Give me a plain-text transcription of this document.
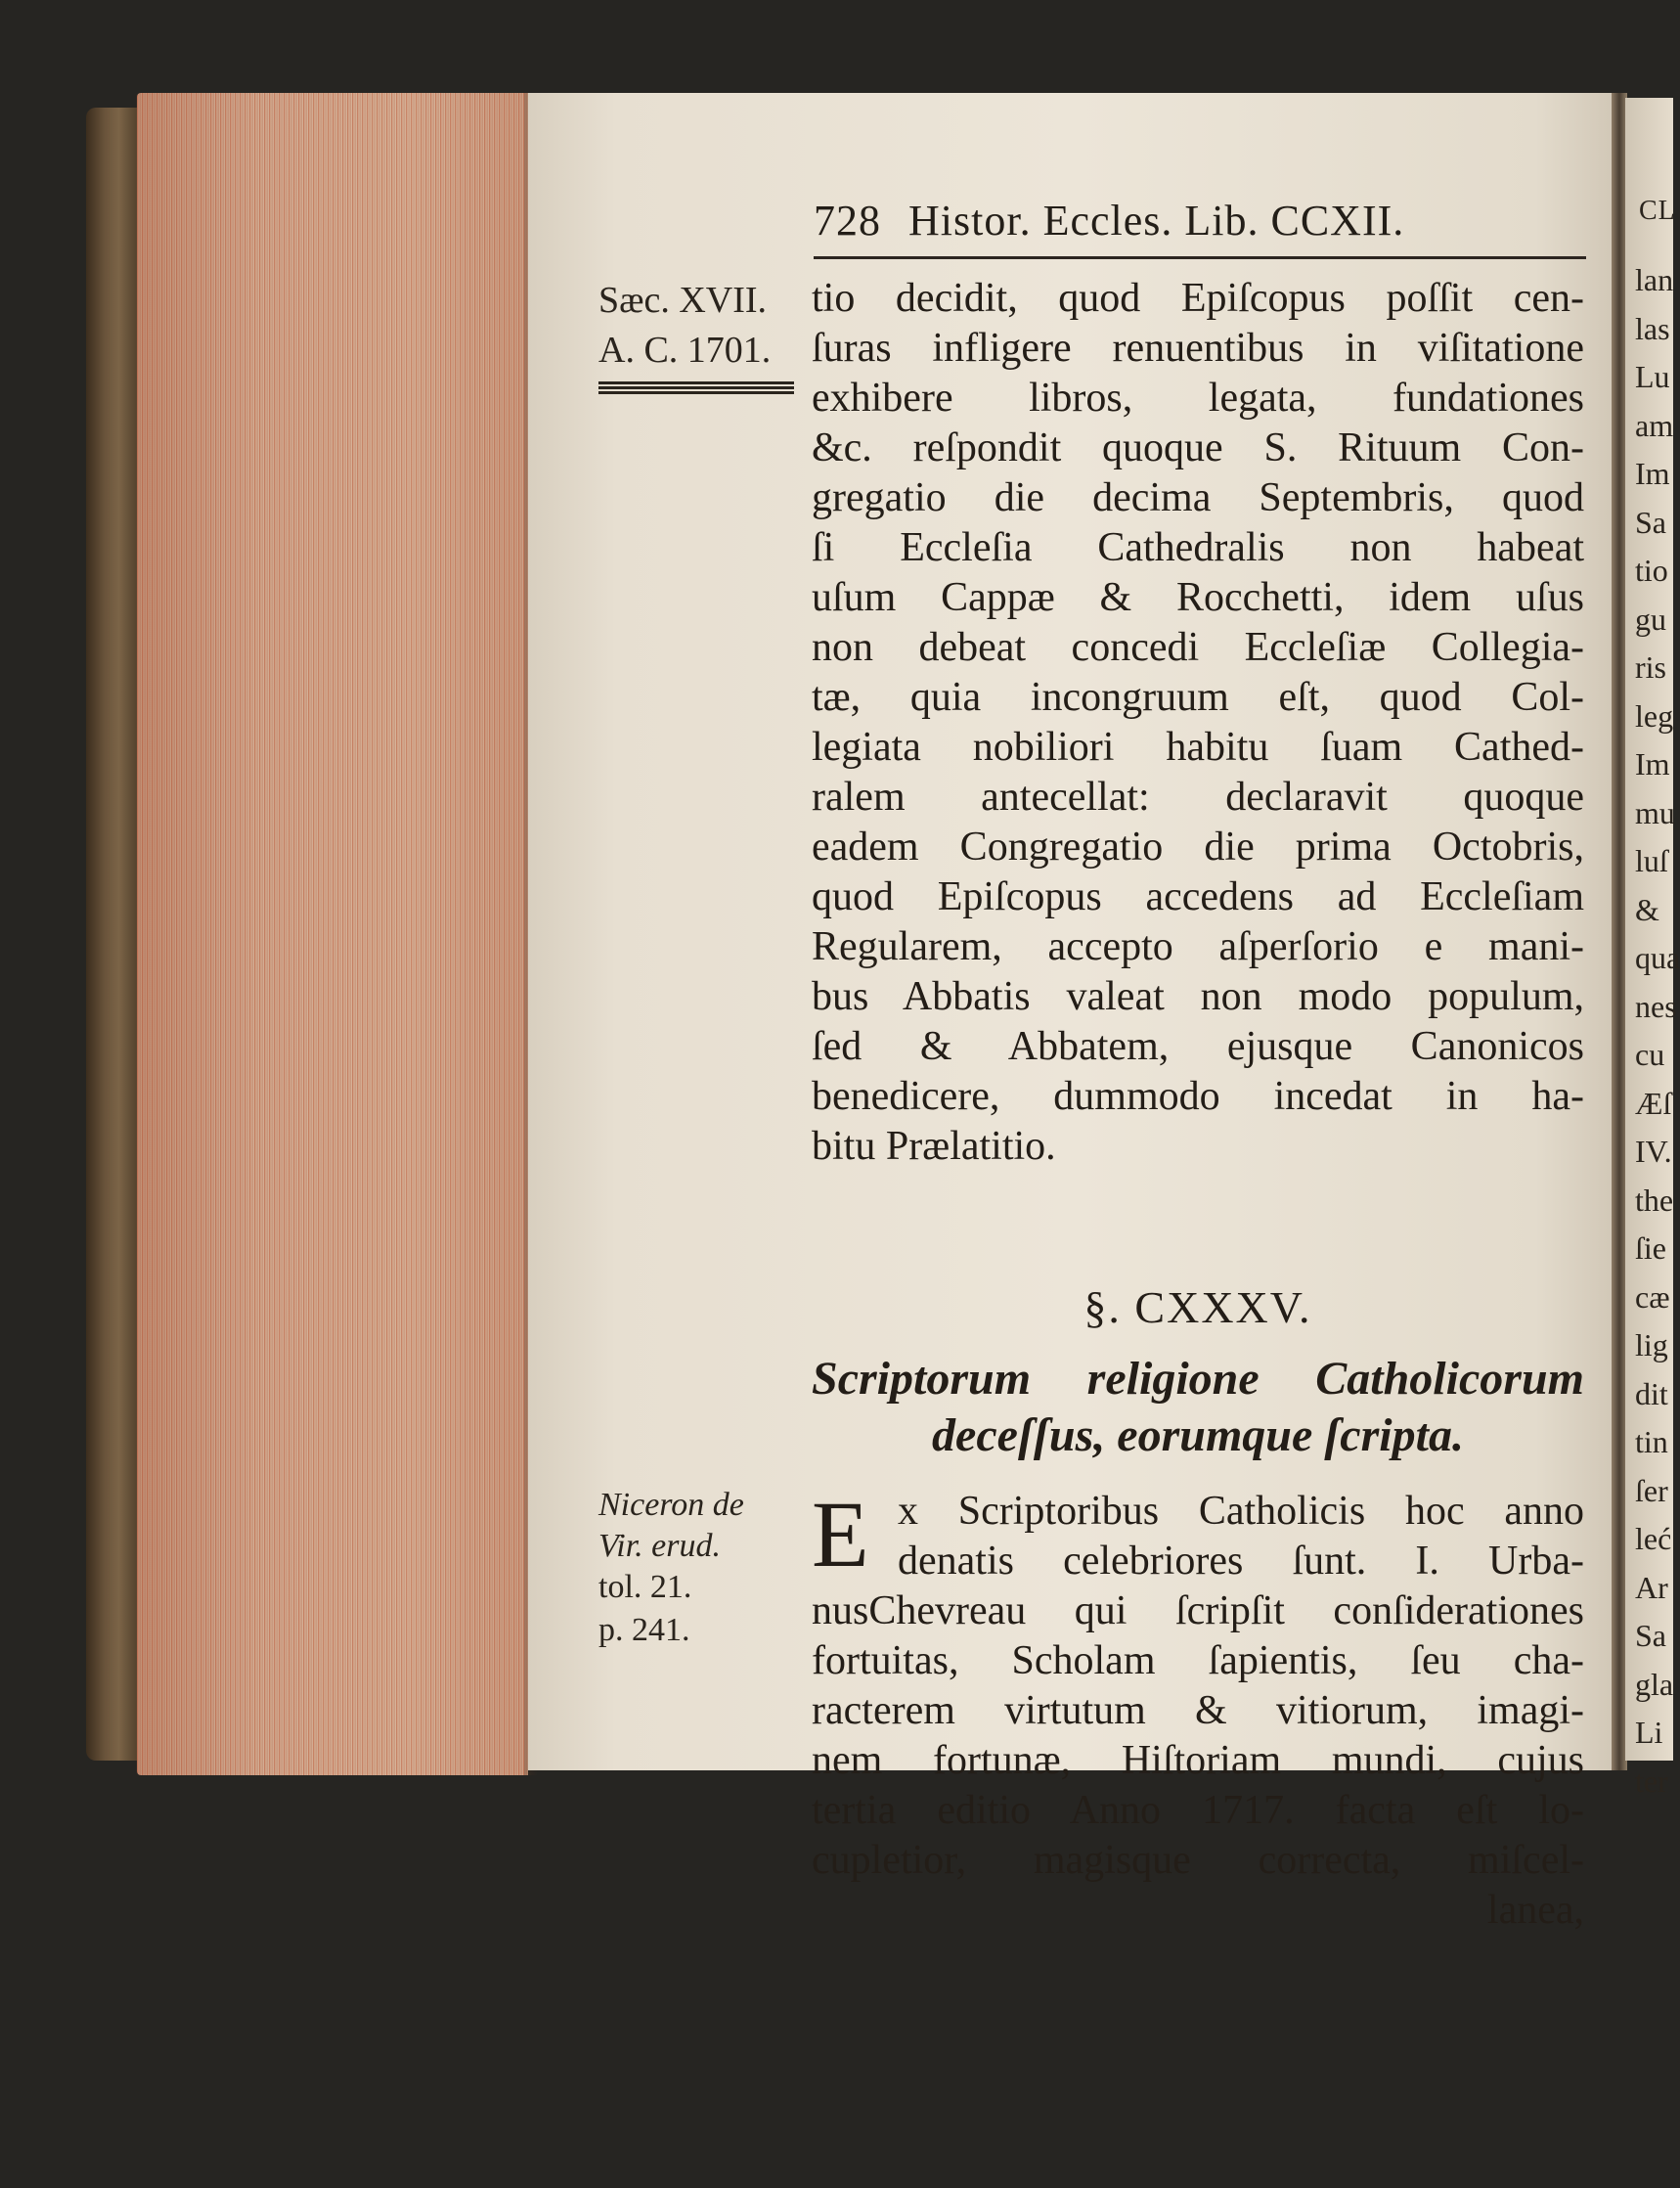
728 Histor. Eccles. Lib. CCXII.
Sæc. XVII.
A. C. 1701.
Niceron de
Vir. erud.
tol. 21.
p. 241.
tio decidit, quod Epiſcopus poſſit cen-
ſuras infligere renuentibus in viſitatione
exhibere libros, legata, fundationes
&c. reſpondit quoque S. Rituum Con-
gregatio die decima Septembris, quod
ſi Eccleſia Cathedralis non habeat
uſum Cappæ & Rocchetti, idem uſus
non debeat concedi Eccleſiæ Collegia-
tæ, quia incongruum eſt, quod Col-
legiata nobiliori habitu ſuam Cathed-
ralem antecellat: declaravit quoque
eadem Congregatio die prima Octobris,
quod Epiſcopus accedens ad Eccleſiam
Regularem, accepto aſperſorio e mani-
bus Abbatis valeat non modo populum,
ſed & Abbatem, ejusque Canonicos
benedicere, dummodo incedat in ha-
bitu Prælatitio.
§. CXXXV.
Scriptorum religione Catholicorum
deceſſus, eorumque ſcripta.
E x Scriptoribus Catholicis hoc anno
denatis celebriores ſunt. I. Urba-
nusChevreau qui ſcripſit conſiderationes
fortuitas, Scholam ſapientis, ſeu cha-
racterem virtutum & vitiorum, imagi-
nem fortunæ, Hiſtoriam mundi, cujus
tertia editio Anno 1717. facta eſt lo-
cupletior, magisque correcta, miſcel-
lanea,
CL
lan
las
Lu
am
Im
Sa
tio
gu
ris
leg
Im
mu
luſ
&
qua
nes
cu
Æſ
IV.
the
ſie
cæ
lig
dit
tin
ſer
leć
Ar
Sa
gla
Li
ter
